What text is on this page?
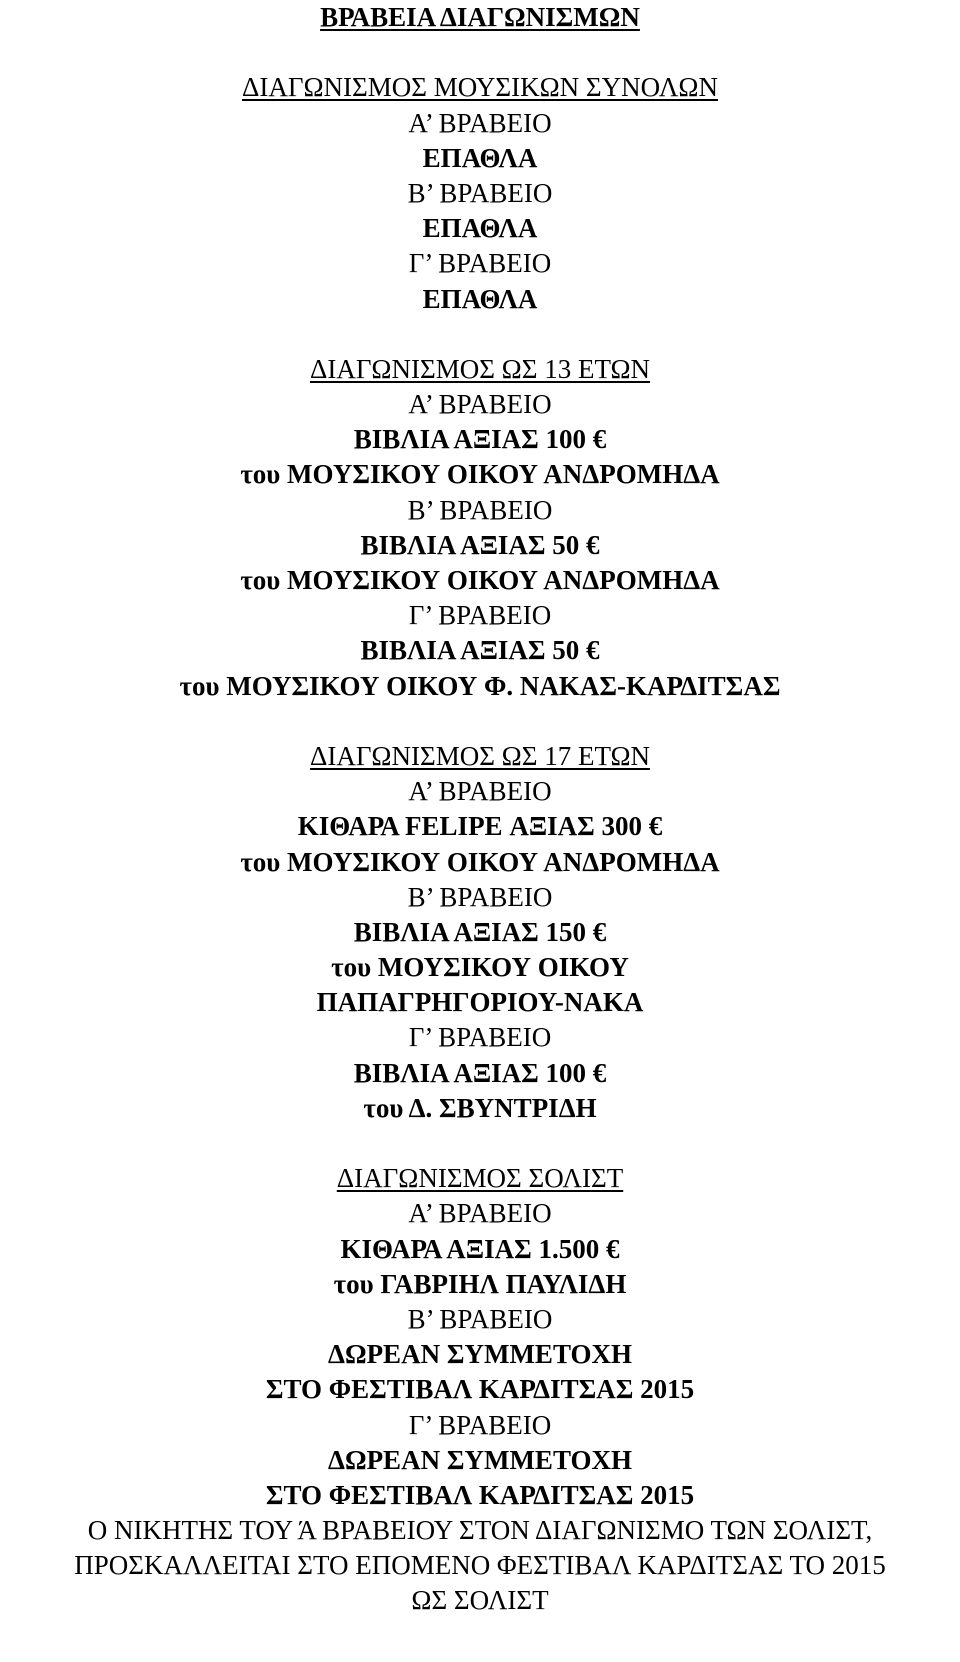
ΒΡΑΒΕΙΑ ΔΙΑΓΩΝΙΣΜΩΝ
ΔΙΑΓΩΝΙΣΜΟΣ ΜΟΥΣΙΚΩΝ ΣΥΝΟΛΩΝ
Α’ ΒΡΑΒΕΙΟ
ΕΠΑΘΛΑ
Β’ ΒΡΑΒΕΙΟ
ΕΠΑΘΛΑ
Γ’ ΒΡΑΒΕΙΟ
ΕΠΑΘΛΑ
ΔΙΑΓΩΝΙΣΜΟΣ ΩΣ 13 ΕΤΩΝ
Α’ ΒΡΑΒΕΙΟ
ΒΙΒΛΙΑ ΑΞΙΑΣ 100 €
του ΜΟΥΣΙΚΟΥ ΟΙΚΟΥ ΑΝΔΡΟΜΗΔΑ
Β’ ΒΡΑΒΕΙΟ
ΒΙΒΛΙΑ ΑΞΙΑΣ 50 €
του ΜΟΥΣΙΚΟΥ ΟΙΚΟΥ ΑΝΔΡΟΜΗΔΑ
Γ’ ΒΡΑΒΕΙΟ
ΒΙΒΛΙΑ ΑΞΙΑΣ 50 €
του ΜΟΥΣΙΚΟΥ ΟΙΚΟΥ Φ. ΝΑΚΑΣ-ΚΑΡΔΙΤΣΑΣ
ΔΙΑΓΩΝΙΣΜΟΣ ΩΣ 17 ΕΤΩΝ
Α’ ΒΡΑΒΕΙΟ
ΚΙΘΑΡΑ FELIPE ΑΞΙΑΣ 300 €
του ΜΟΥΣΙΚΟΥ ΟΙΚΟΥ ΑΝΔΡΟΜΗΔΑ
Β’ ΒΡΑΒΕΙΟ
ΒΙΒΛΙΑ ΑΞΙΑΣ 150 €
του ΜΟΥΣΙΚΟΥ ΟΙΚΟΥ
ΠΑΠΑΓΡΗΓΟΡΙΟΥ-ΝΑΚΑ
Γ’ ΒΡΑΒΕΙΟ
ΒΙΒΛΙΑ ΑΞΙΑΣ 100 €
του Δ. ΣΒΥΝΤΡΙΔΗ
ΔΙΑΓΩΝΙΣΜΟΣ ΣΟΛΙΣΤ
Α’ ΒΡΑΒΕΙΟ
ΚΙΘΑΡΑ ΑΞΙΑΣ 1.500 €
του ΓΑΒΡΙΗΛ ΠΑΥΛΙΔΗ
Β’ ΒΡΑΒΕΙΟ
ΔΩΡΕΑΝ ΣΥΜΜΕΤΟΧΗ
ΣΤΟ ΦΕΣΤΙΒΑΛ ΚΑΡΔΙΤΣΑΣ 2015
Γ’ ΒΡΑΒΕΙΟ
ΔΩΡΕΑΝ ΣΥΜΜΕΤΟΧΗ
ΣΤΟ ΦΕΣΤΙΒΑΛ ΚΑΡΔΙΤΣΑΣ 2015
Ο ΝΙΚΗΤΗΣ ΤΟΥ Ά ΒΡΑΒΕΙΟΥ ΣΤΟΝ ΔΙΑΓΩΝΙΣΜΟ ΤΩΝ ΣΟΛΙΣΤ,
ΠΡΟΣΚΑΛΛΕΙΤΑΙ ΣΤΟ ΕΠΟΜΕΝΟ ΦΕΣΤΙΒΑΛ ΚΑΡΔΙΤΣΑΣ ΤΟ 2015
ΩΣ ΣΟΛΙΣΤ
